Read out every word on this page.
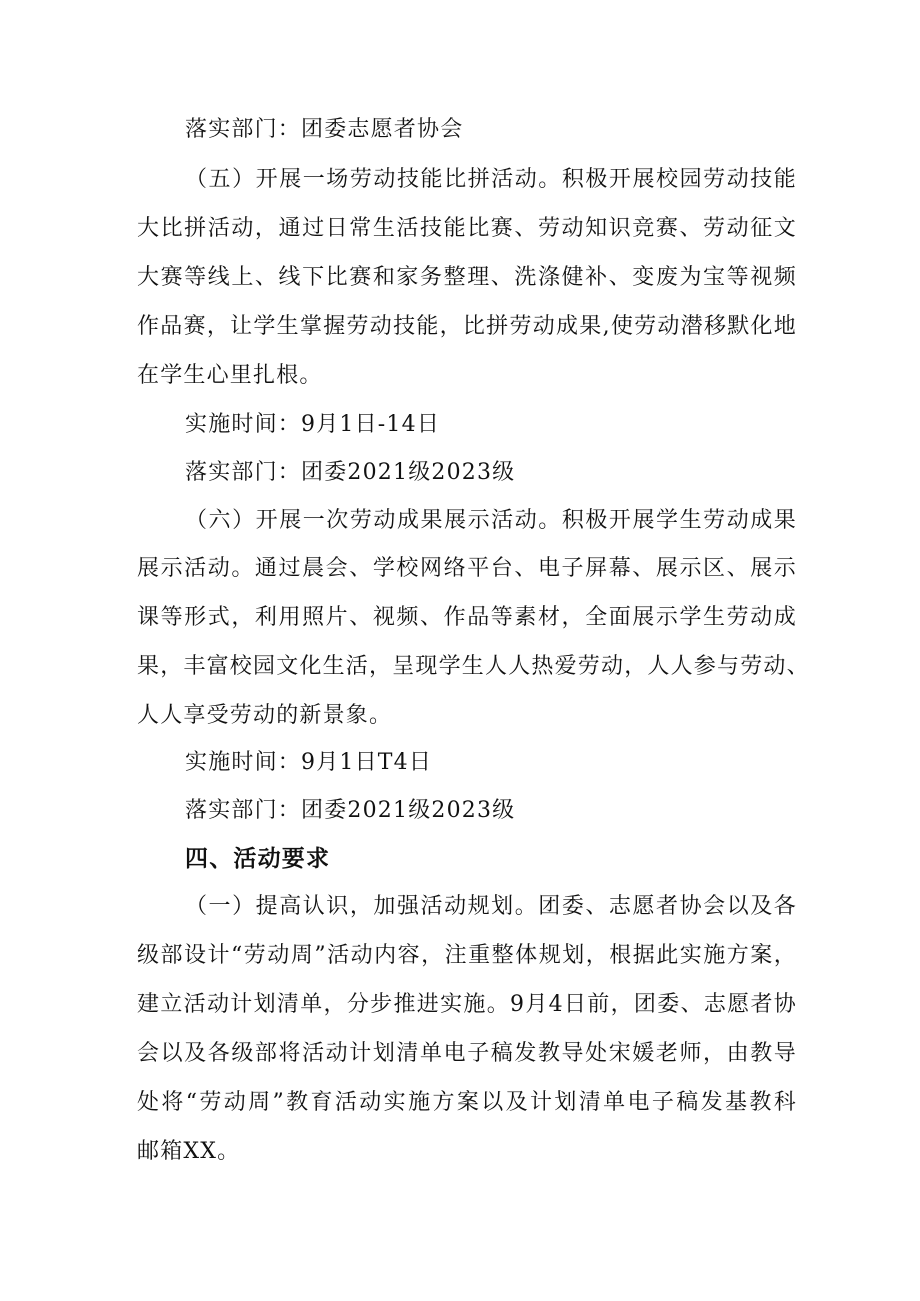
落实部门：团委志愿者协会
（五）开展一场劳动技能比拼活动。积极开展校园劳动技能
大比拼活动，通过日常生活技能比赛、劳动知识竞赛、劳动征文
大赛等线上、线下比赛和家务整理、洗涤健补、变废为宝等视频
作品赛，让学生掌握劳动技能，比拼劳动成果,使劳动潜移默化地
在学生心里扎根。
实施时间：9月1日-14日
落实部门：团委2021级2023级
（六）开展一次劳动成果展示活动。积极开展学生劳动成果
展示活动。通过晨会、学校网络平台、电子屏幕、展示区、展示
课等形式，利用照片、视频、作品等素材，全面展示学生劳动成
果，丰富校园文化生活，呈现学生人人热爱劳动，人人参与劳动、
人人享受劳动的新景象。
实施时间：9月1日T4日
落实部门：团委2021级2023级
四、活动要求
（一）提高认识，加强活动规划。团委、志愿者协会以及各
级部设计“劳动周”活动内容，注重整体规划，根据此实施方案，
建立活动计划清单，分步推进实施。9月4日前，团委、志愿者协
会以及各级部将活动计划清单电子稿发教导处宋媛老师，由教导
处将“劳动周”教育活动实施方案以及计划清单电子稿发基教科
邮箱XX。
